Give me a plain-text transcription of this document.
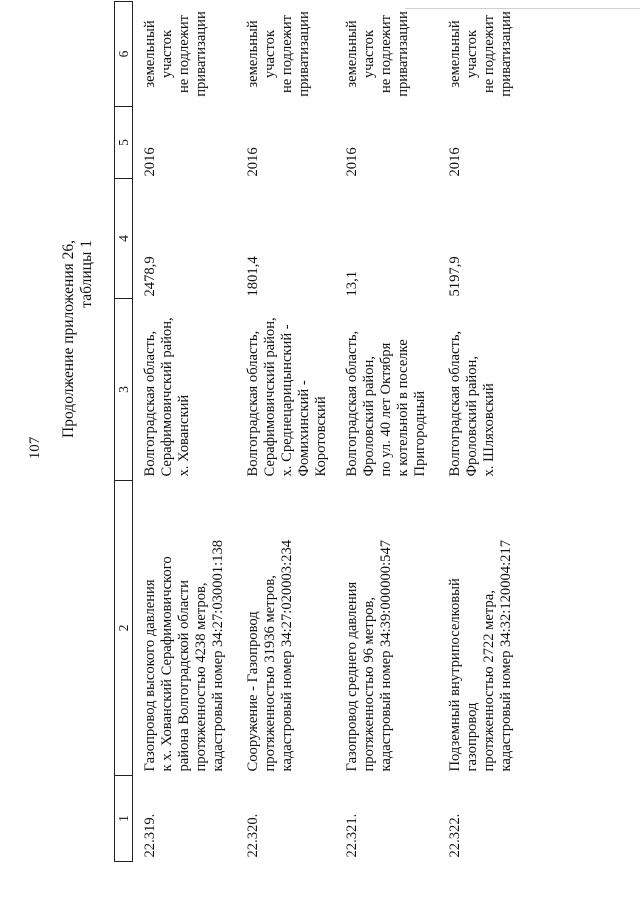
107
Продолжение приложения 26, таблицы 1
1	2	3	4	5	6
22.319.	Газопровод высокого давления
к х. Хованский Серафимовичского
района Волгоградской области
протяженностью 4238 метров,
кадастровый номер 34:27:030001:138	Волгоградская область,
Серафимовичский район,
х. Хованский	2478,9	2016	земельный
участок
не подлежит
приватизации
22.320.	Сооружение - Газопровод
протяженностью 31936 метров,
кадастровый номер 34:27:020003:234	Волгоградская область,
Серафимовичский район,
х. Среднецарицынский -
Фомихинский -
Коротовский	1801,4	2016	земельный
участок
не подлежит
приватизации
22.321.	Газопровод среднего давления
протяженностью 96 метров,
кадастровый номер 34:39:000000:547	Волгоградская область,
Фроловский район,
по ул. 40 лет Октября
к котельной в поселке
Пригородный	13,1	2016	земельный
участок
не подлежит
приватизации
22.322.	Подземный внутрипоселковый
газопровод
протяженностью 2722 метра,
кадастровый номер 34:32:120004:217	Волгоградская область,
Фроловский район,
х. Шляховский	5197,9	2016	земельный
участок
не подлежит
приватизации
